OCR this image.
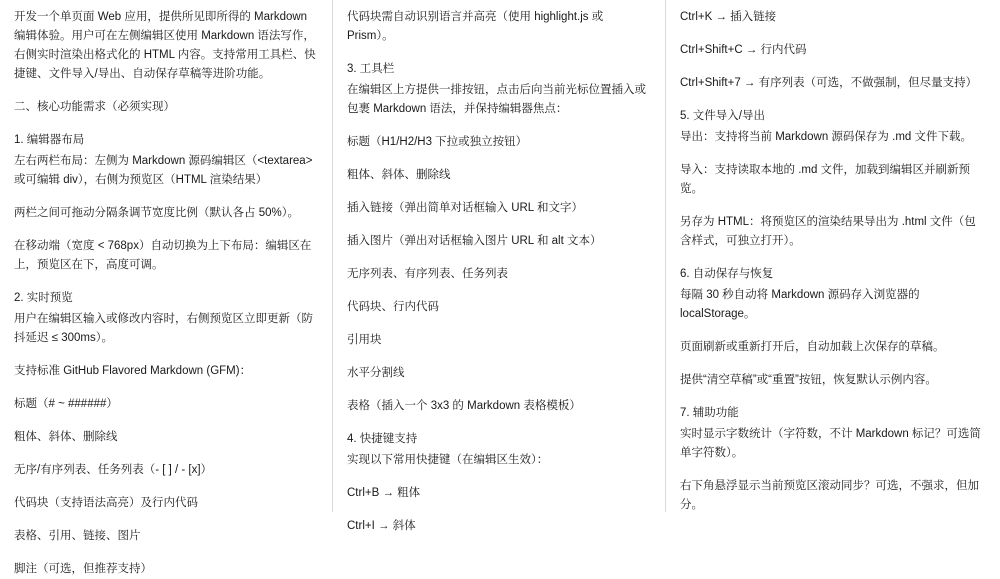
开发一个单页面 Web 应用，提供所见即所得的 Markdown 编辑体验。用户可在左侧编辑区使用 Markdown 语法写作，右侧实时渲染出格式化的 HTML 内容。支持常用工具栏、快捷键、文件导入/导出、自动保存草稿等进阶功能。

二、核心功能需求（必须实现）

1. 编辑器布局

左右两栏布局：左侧为 Markdown 源码编辑区（<textarea> 或可编辑 div），右侧为预览区（HTML 渲染结果）

两栏之间可拖动分隔条调节宽度比例（默认各占 50%）。

在移动端（宽度 < 768px）自动切换为上下布局：编辑区在上，预览区在下，高度可调。

2. 实时预览

用户在编辑区输入或修改内容时，右侧预览区立即更新（防抖延迟 ≤ 300ms）。

支持标准 GitHub Flavored Markdown (GFM)：

标题（# ~ ######）

粗体、斜体、删除线

无序/有序列表、任务列表（- [ ] / - [x]）

代码块（支持语法高亮）及行内代码

表格、引用、链接、图片

脚注（可选，但推荐支持）

代码块需自动识别语言并高亮（使用 highlight.js 或 Prism）。

3. 工具栏

在编辑区上方提供一排按钮，点击后向当前光标位置插入或包裹 Markdown 语法，并保持编辑器焦点：

标题（H1/H2/H3 下拉或独立按钮）

粗体、斜体、删除线

插入链接（弹出简单对话框输入 URL 和文字）

插入图片（弹出对话框输入图片 URL 和 alt 文本）

无序列表、有序列表、任务列表

代码块、行内代码

引用块

水平分割线

表格（插入一个 3x3 的 Markdown 表格模板）

4. 快捷键支持

实现以下常用快捷键（在编辑区生效）：

Ctrl+B → 粗体

Ctrl+I → 斜体

Ctrl+K → 插入链接

Ctrl+Shift+C → 行内代码

Ctrl+Shift+7 → 有序列表（可选，不做强制，但尽量支持）

5. 文件导入/导出

导出：支持将当前 Markdown 源码保存为 .md 文件下载。

导入：支持读取本地的 .md 文件，加载到编辑区并刷新预览。

另存为 HTML：将预览区的渲染结果导出为 .html 文件（包含样式，可独立打开）。

6. 自动保存与恢复

每隔 30 秒自动将 Markdown 源码存入浏览器的 localStorage。

页面刷新或重新打开后，自动加载上次保存的草稿。

提供“清空草稿”或“重置”按钮，恢复默认示例内容。

7. 辅助功能

实时显示字数统计（字符数，不计 Markdown 标记？可选简单字符数）。

右下角悬浮显示当前预览区滚动同步？可选，不强求，但加分。
